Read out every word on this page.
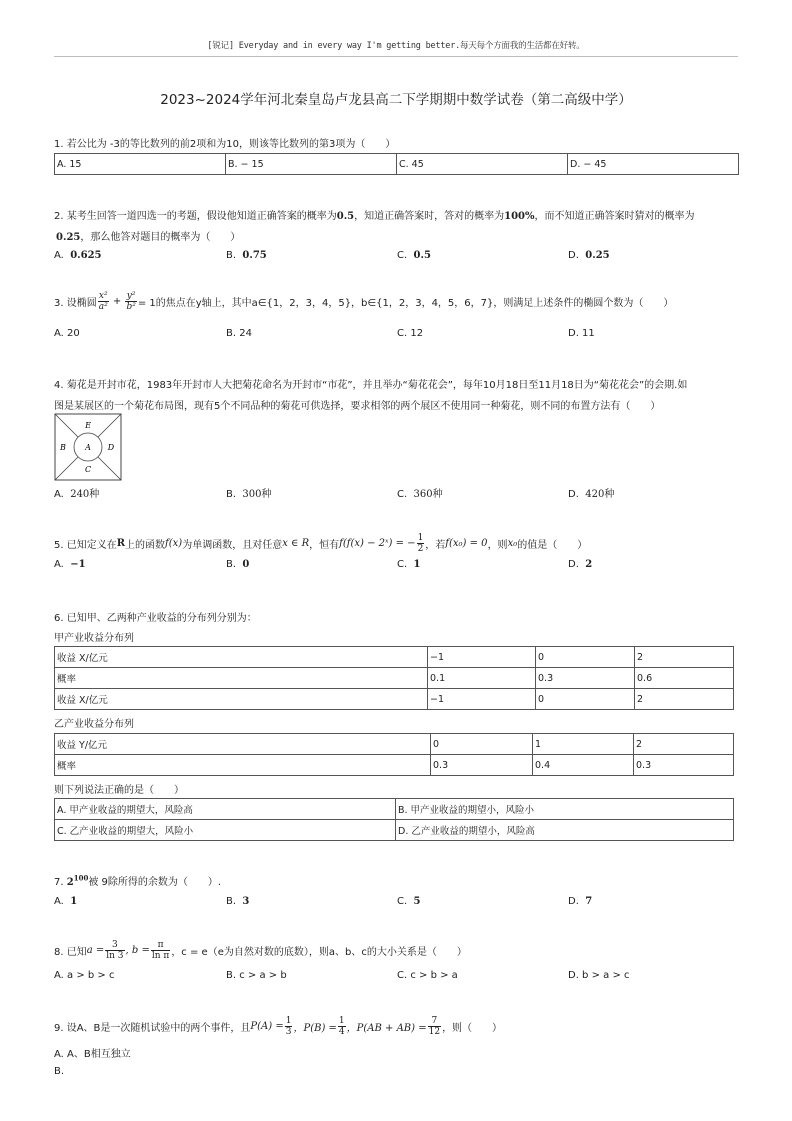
[锐记] Everyday and in every way I'm getting better.每天每个方面我的生活都在好转。
2023~2024学年河北秦皇岛卢龙县高二下学期期中数学试卷（第二高级中学）
1. 若公比为 -3的等比数列的前2项和为10，则该等比数列的第3项为（　　）
A. 15	B. − 15	C. 45	D. − 45
2. 某考生回答一道四选一的考题，假设他知道正确答案的概率为0.5，知道正确答案时，答对的概率为100%，而不知道正确答案时猜对的概率为
0.25，那么他答对题目的概率为（　　）
A. 0.625	B. 0.75	C. 0.5	D. 0.25
3. 设椭圆 $\frac{\text{x²}}{\text{a²}} + \frac{\text{y²}}{\text{b²}} = 1$的焦点在y轴上，其中a∈{1，2，3，4，5}，b∈{1，2，3，4，5，6，7}，则满足上述条件的椭圆个数为（　　）
A. 20	B. 24	C. 12	D. 11
4. 菊花是开封市花，1983年开封市人大把菊花命名为开封市“市花”，并且举办“菊花花会”，每年10月18日至11月18日为“菊花花会”的会期.如
图是某展区的一个菊花布局图，现有5个不同品种的菊花可供选择，要求相邻的两个展区不使用同一种菊花，则不同的布置方法有（　　）
E
B A D
C
A. 240种	B. 300种	C. 360种	D. 420种
5. 已知定义在R上的函数f(x)为单调函数，且对任意x ∈ R，恒有f(f(x) − 2ˣ) = − $\frac{1}{2}$ ，若f(x₀) = 0，则x₀的值是（　　）
A. −1	B. 0	C. 1	D. 2
6. 已知甲、乙两种产业收益的分布列分别为：
甲产业收益分布列
收益 X/亿元	−1	0	2
概率	0.1	0.3	0.6
收益 X/亿元	−1	0	2
乙产业收益分布列
收益 Y/亿元	0	1	2
概率	0.3	0.4	0.3
则下列说法正确的是（　　）
A. 甲产业收益的期望大，风险高	B. 甲产业收益的期望小，风险小
C. 乙产业收益的期望大，风险小	D. 乙产业收益的期望小，风险高
7. $2^{100}$被 9除所得的余数为（　　）.
A. 1	B. 3	C. 5	D. 7
8. 已知$a = \frac{3}{\ln 3}$ , $b = \frac{\pi}{\text{ln π}}$ ，c = e（e为自然对数的底数），则a、b、c的大小关系是（　　）
A. a > b > c	B. c > a > b	C. c > b > a	D. b > a > c
9. 设A、B是一次随机试验中的两个事件，且$P(A) = \frac{1}{3}$ ，$P(B) = \frac{1}{4}$ ，$P(AB + AB) = \frac{7}{12}$ ，则（　　）
A. A、B相互独立
B.
